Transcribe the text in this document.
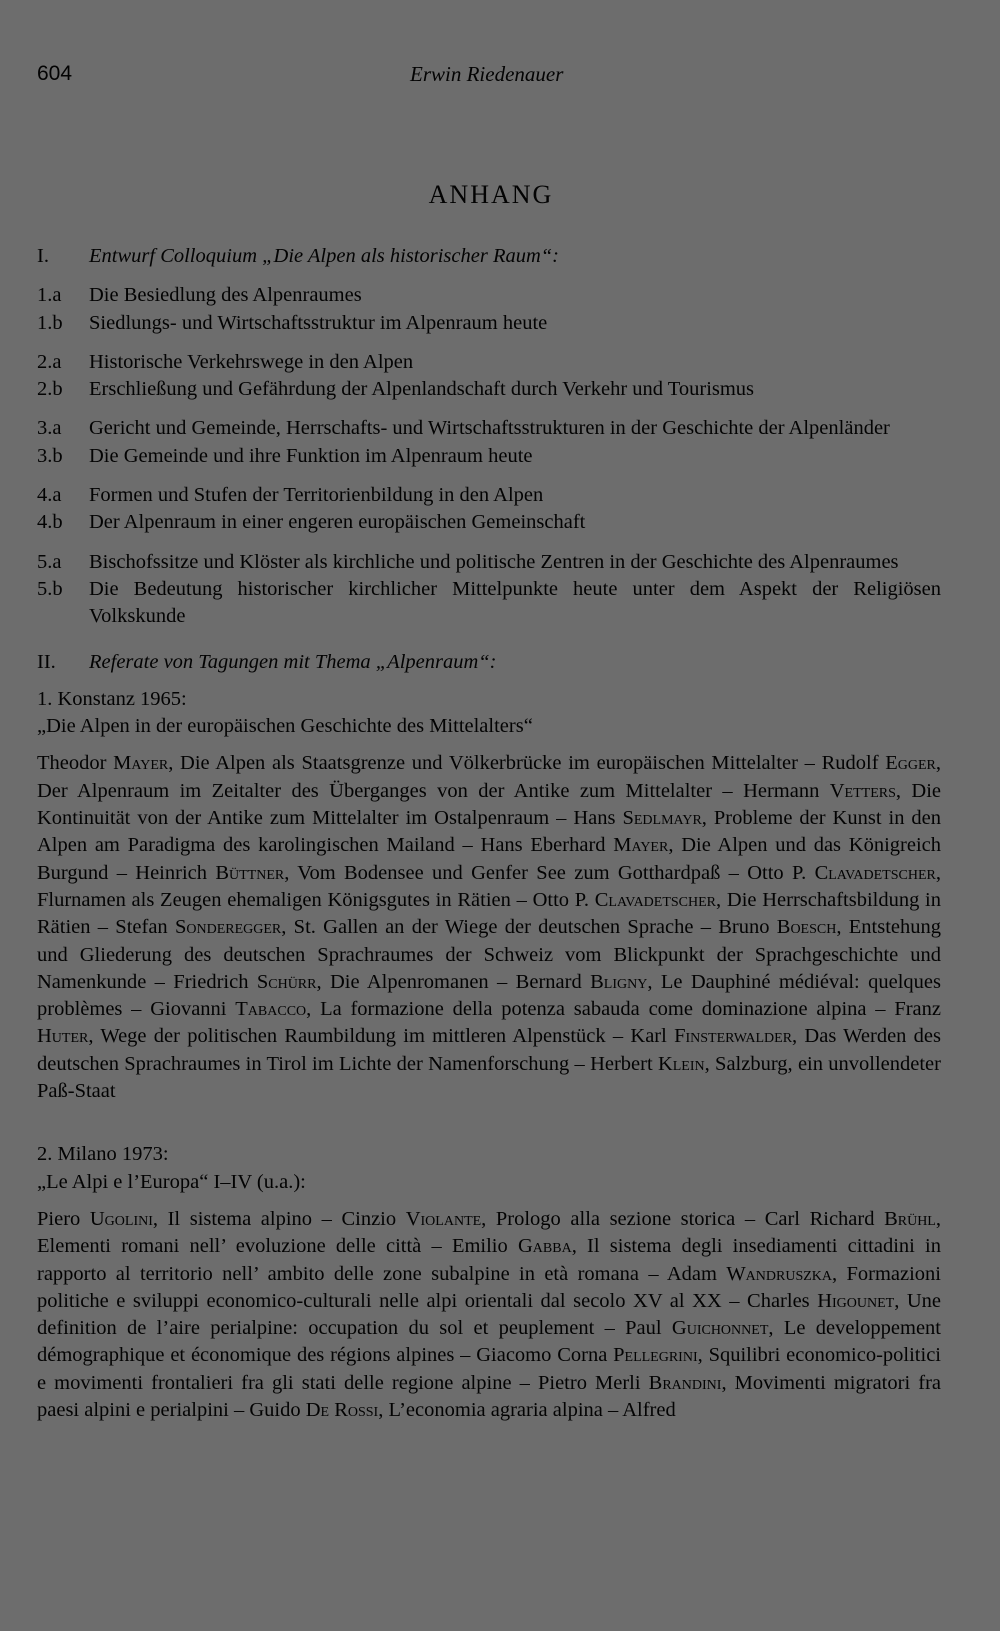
604	Erwin Riedenauer
ANHANG
I.	Entwurf Colloquium „Die Alpen als historischer Raum“:
1.a	Die Besiedlung des Alpenraumes
1.b	Siedlungs- und Wirtschaftsstruktur im Alpenraum heute
2.a	Historische Verkehrswege in den Alpen
2.b	Erschließung und Gefährdung der Alpenlandschaft durch Verkehr und Tourismus
3.a	Gericht und Gemeinde, Herrschafts- und Wirtschaftsstrukturen in der Geschichte der Alpenländer
3.b	Die Gemeinde und ihre Funktion im Alpenraum heute
4.a	Formen und Stufen der Territorienbildung in den Alpen
4.b	Der Alpenraum in einer engeren europäischen Gemeinschaft
5.a	Bischofssitze und Klöster als kirchliche und politische Zentren in der Geschichte des Alpenraumes
5.b	Die Bedeutung historischer kirchlicher Mittelpunkte heute unter dem Aspekt der Religiösen Volkskunde
II.	Referate von Tagungen mit Thema „Alpenraum“:
1. Konstanz 1965:
„Die Alpen in der europäischen Geschichte des Mittelalters“

Theodor Mayer, Die Alpen als Staatsgrenze und Völkerbrücke im europäischen Mittelalter – Rudolf Egger, Der Alpenraum im Zeitalter des Überganges von der Antike zum Mittelalter – Hermann Vetters, Die Kontinuität von der Antike zum Mittelalter im Ostalpenraum – Hans Sedlmayr, Probleme der Kunst in den Alpen am Paradigma des karolingischen Mailand – Hans Eberhard Mayer, Die Alpen und das Königreich Burgund – Heinrich Büttner, Vom Bodensee und Genfer See zum Gotthardpaß – Otto P. Clavadetscher, Flurnamen als Zeugen ehemaligen Königsgutes in Rätien – Otto P. Clavadetscher, Die Herrschaftsbildung in Rätien – Stefan Sonderegger, St. Gallen an der Wiege der deutschen Sprache – Bruno Boesch, Entstehung und Gliederung des deutschen Sprachraumes der Schweiz vom Blickpunkt der Sprachgeschichte und Namenkunde – Friedrich Schürr, Die Alpenromanen – Bernard Bligny, Le Dauphiné médiéval: quelques problèmes – Giovanni Tabacco, La formazione della potenza sabauda come dominazione alpina – Franz Huter, Wege der politischen Raumbildung im mittleren Alpenstück – Karl Finsterwalder, Das Werden des deutschen Sprachraumes in Tirol im Lichte der Namenforschung – Herbert Klein, Salzburg, ein unvollendeter Paß-Staat

2. Milano 1973:
„Le Alpi e l’Europa“ I–IV (u.a.):

Piero Ugolini, Il sistema alpino – Cinzio Violante, Prologo alla sezione storica – Carl Richard Brühl, Elementi romani nell’ evoluzione delle città – Emilio Gabba, Il sistema degli insediamenti cittadini in rapporto al territorio nell’ ambito delle zone subalpine in età romana – Adam Wandruszka, Formazioni politiche e sviluppi economico-culturali nelle alpi orientali dal secolo XV al XX – Charles Higounet, Une definition de l’aire perialpine: occupation du sol et peuplement – Paul Guichonnet, Le developpement démographique et économique des régions alpines – Giacomo Corna Pellegrini, Squilibri economico-politici e movimenti frontalieri fra gli stati delle regione alpine – Pietro Merli Brandini, Movimenti migratori fra paesi alpini e perialpini – Guido De Rossi, L’economia agraria alpina – Alfred
